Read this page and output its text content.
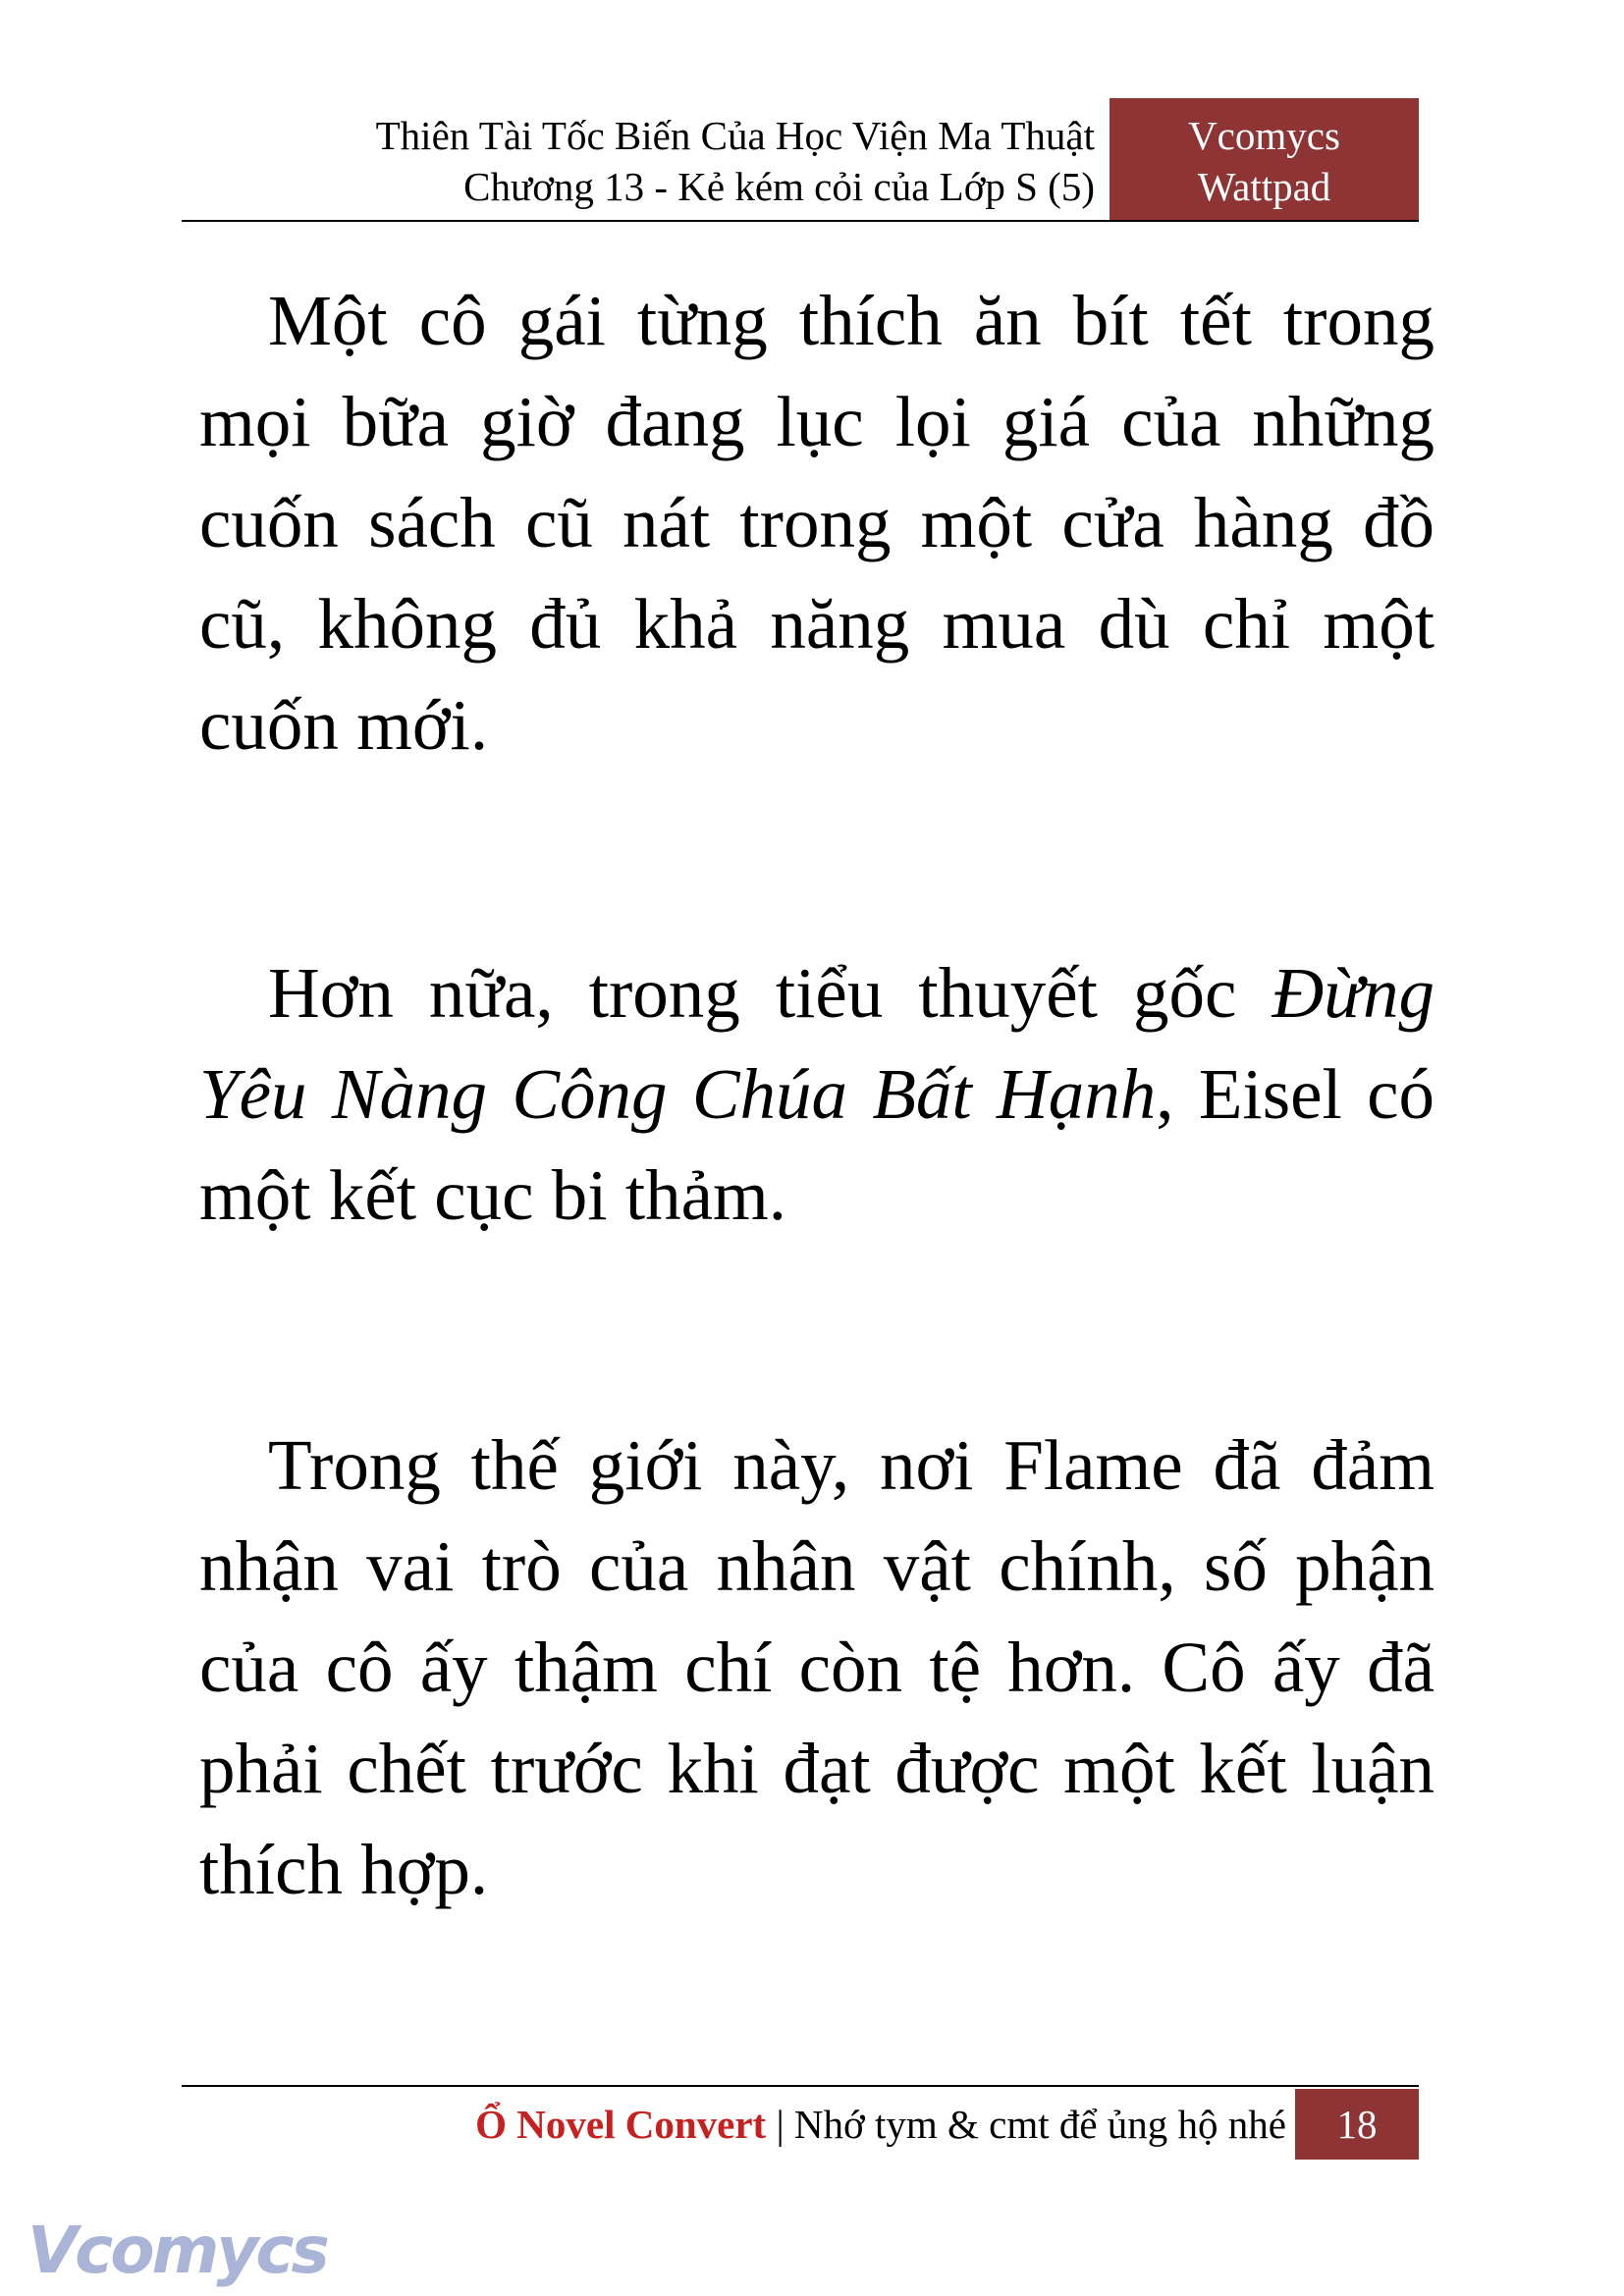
Thiên Tài Tốc Biến Của Học Viện Ma Thuật
Chương 13 - Kẻ kém cỏi của Lớp S (5)
Vcomycs
Wattpad

Một cô gái từng thích ăn bít tết trong mọi bữa giờ đang lục lọi giá của những cuốn sách cũ nát trong một cửa hàng đồ cũ, không đủ khả năng mua dù chỉ một cuốn mới.

Hơn nữa, trong tiểu thuyết gốc Đừng Yêu Nàng Công Chúa Bất Hạnh, Eisel có một kết cục bi thảm.

Trong thế giới này, nơi Flame đã đảm nhận vai trò của nhân vật chính, số phận của cô ấy thậm chí còn tệ hơn. Cô ấy đã phải chết trước khi đạt được một kết luận thích hợp.

Ổ Novel Convert | Nhớ tym & cmt để ủng hộ nhé	18
Vcomycs
